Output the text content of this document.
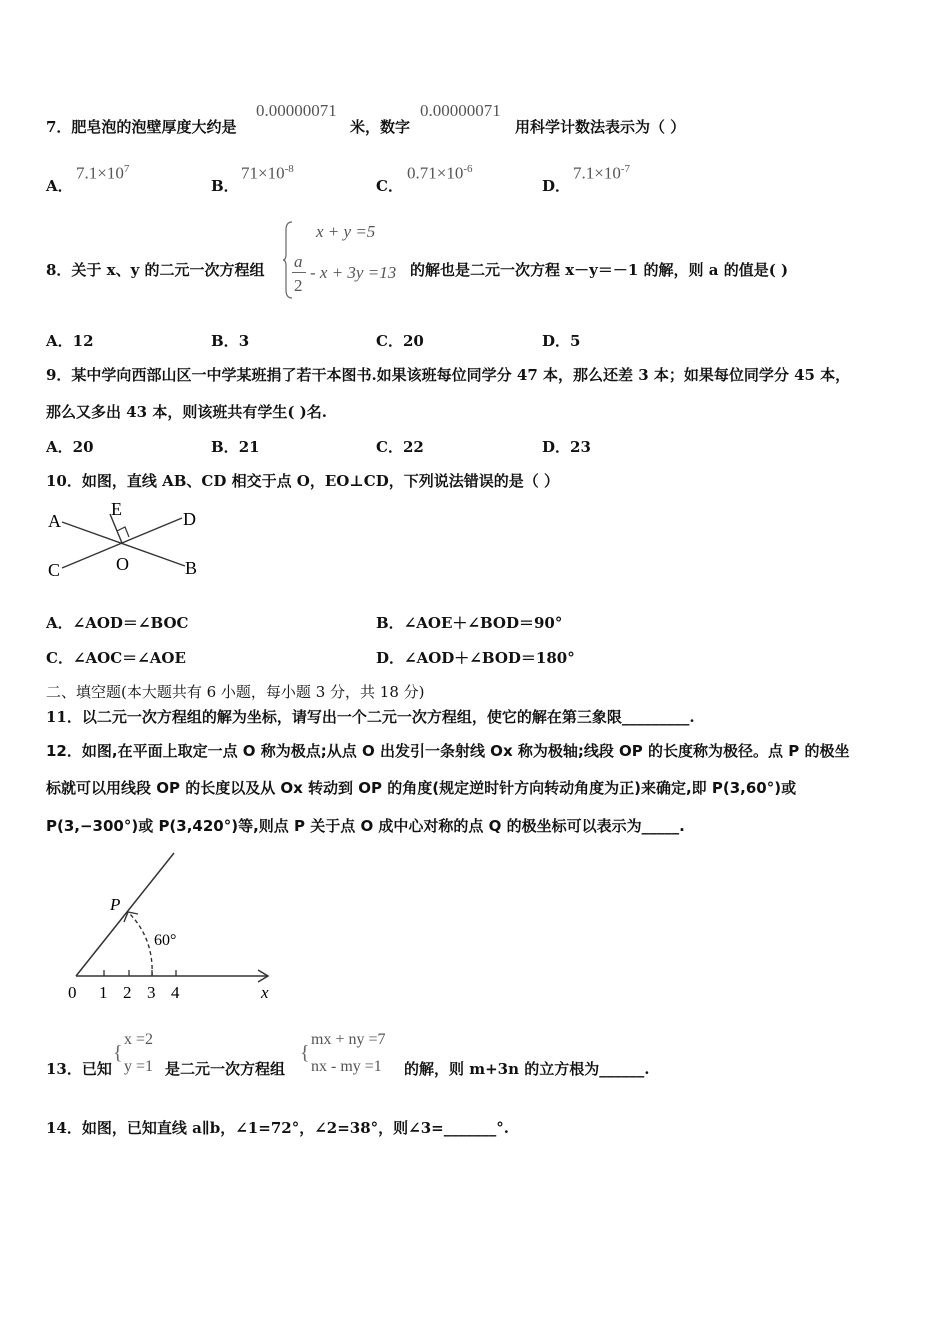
7．肥皂泡的泡壁厚度大约是
0.00000071
米，数字
0.00000071
用科学计数法表示为（ ）
A．
$7.1\times 10^7$
B．
$71\times 10^{-8}$
C．
$0.71\times 10^{-6}$
D．
$7.1\times 10^{-7}$
8．关于 x、y 的二元一次方程组
x + y =5
a
2
- x + 3y =13 的解也是二元一次方程 x－y＝－1 的解，则 a 的值是( )
A．12	B．3	C．20	D．5
9．某中学向西部山区一中学某班捐了若干本图书.如果该班每位同学分 47 本，那么还差 3 本；如果每位同学分 45 本，
那么又多出 43 本，则该班共有学生( )名.
A．20	B．21	C．22	D．23
10．如图，直线 AB、CD 相交于点 O，EO⊥CD，下列说法错误的是（ ）
A
B
C
D
E
O
A．∠AOD＝∠BOC	B．∠AOE＋∠BOD＝90°
C．∠AOC＝∠AOE	D．∠AOD＋∠BOD＝180°
二、填空题(本大题共有 6 小题，每小题 3 分，共 18 分)
11．以二元一次方程组的解为坐标，请写出一个二元一次方程组，使它的解在第三象限_________.
12．如图,在平面上取定一点 O 称为极点;从点 O 出发引一条射线 Ox 称为极轴;线段 OP 的长度称为极径。点 P 的极坐
标就可以用线段 OP 的长度以及从 Ox 转动到 OP 的角度(规定逆时针方向转动角度为正)来确定,即 P(3,60°)或
P(3,−300°)或 P(3,420°)等,则点 P 关于点 O 成中心对称的点 Q 的极坐标可以表示为_____.
P
60°
0 1 2 3 4	x
13．已知
{
x =2
y =1 是二元一次方程组
{
mx + ny =7
nx - my =1 的解，则 m+3n 的立方根为______.
14．如图，已知直线 a∥b，∠1=72°，∠2=38°，则∠3=_______°.
